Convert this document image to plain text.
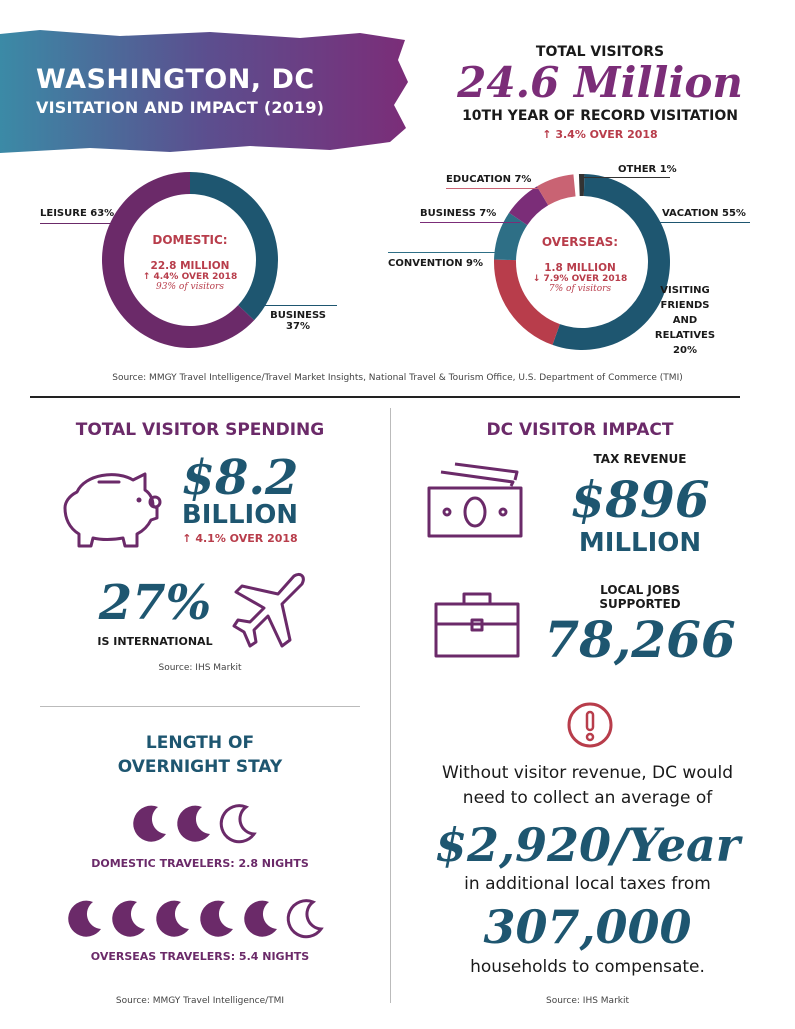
WASHINGTON, DC
VISITATION AND IMPACT (2019)
TOTAL VISITORS
24.6 Million
10TH YEAR OF RECORD VISITATION
↑ 3.4% OVER 2018
DOMESTIC:
22.8 MILLION
↑ 4.4% OVER 2018
93% of visitors
LEISURE 63%
BUSINESS
37%
OVERSEAS:
1.8 MILLION
↓ 7.9% OVER 2018
7% of visitors
OTHER 1%
EDUCATION 7%
BUSINESS 7%
CONVENTION 9%
VACATION 55%
VISITING
FRIENDS
AND
RELATIVES
20%
Source: MMGY Travel Intelligence/Travel Market Insights, National Travel & Tourism Office, U.S. Department of Commerce (TMI)
TOTAL VISITOR SPENDING
$8.2
BILLION
↑ 4.1% OVER 2018
27%
IS INTERNATIONAL
Source: IHS Markit
LENGTH OF
OVERNIGHT STAY
DOMESTIC TRAVELERS: 2.8 NIGHTS
OVERSEAS TRAVELERS: 5.4 NIGHTS
Source: MMGY Travel Intelligence/TMI
DC VISITOR IMPACT
TAX REVENUE
$896
MILLION
LOCAL JOBS
SUPPORTED
78,266
Without visitor revenue, DC would
need to collect an average of
$2,920/Year
in additional local taxes from
307,000
households to compensate.
Source: IHS Markit
